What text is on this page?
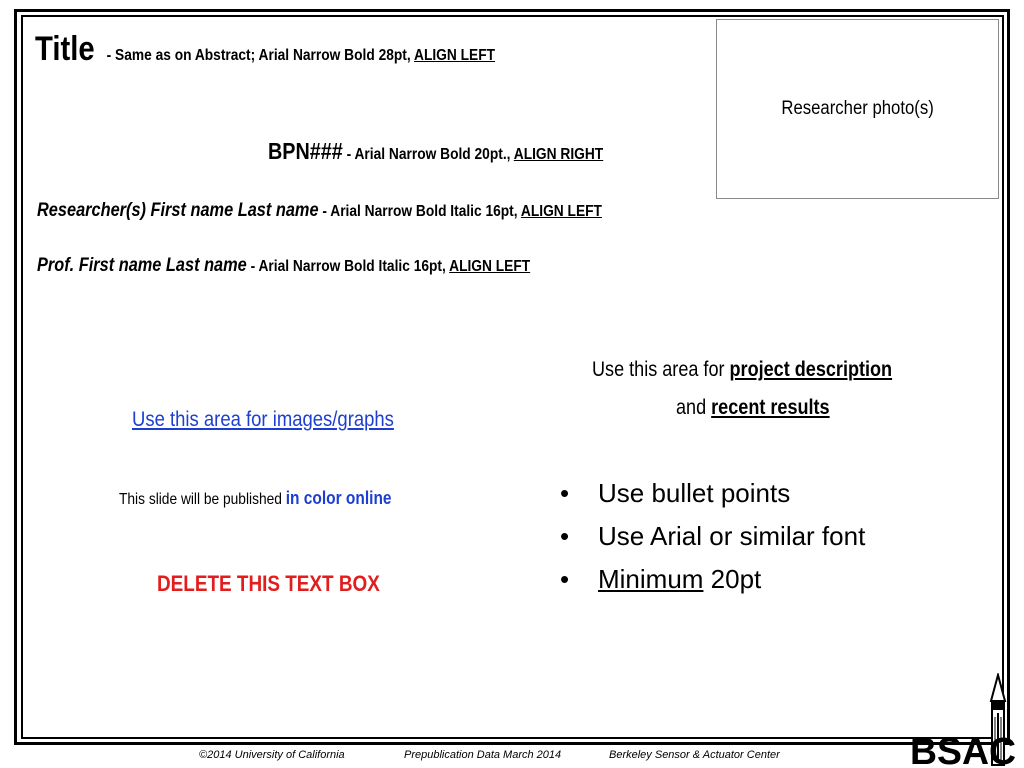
Title - Same as on Abstract; Arial Narrow Bold 28pt, ALIGN LEFT
Researcher photo(s)
BPN### - Arial Narrow Bold 20pt., ALIGN RIGHT
Researcher(s) First name Last name - Arial Narrow Bold Italic 16pt, ALIGN LEFT
Prof. First name Last name - Arial Narrow Bold Italic 16pt, ALIGN LEFT
Use this area for images/graphs
This slide will be published in color online
DELETE THIS TEXT BOX
Use this area for project description
and recent results
• Use bullet points
• Use Arial or similar font
• Minimum 20pt
©2014 University of California	Prepublication Data March 2014	Berkeley Sensor & Actuator Center	BSAC
